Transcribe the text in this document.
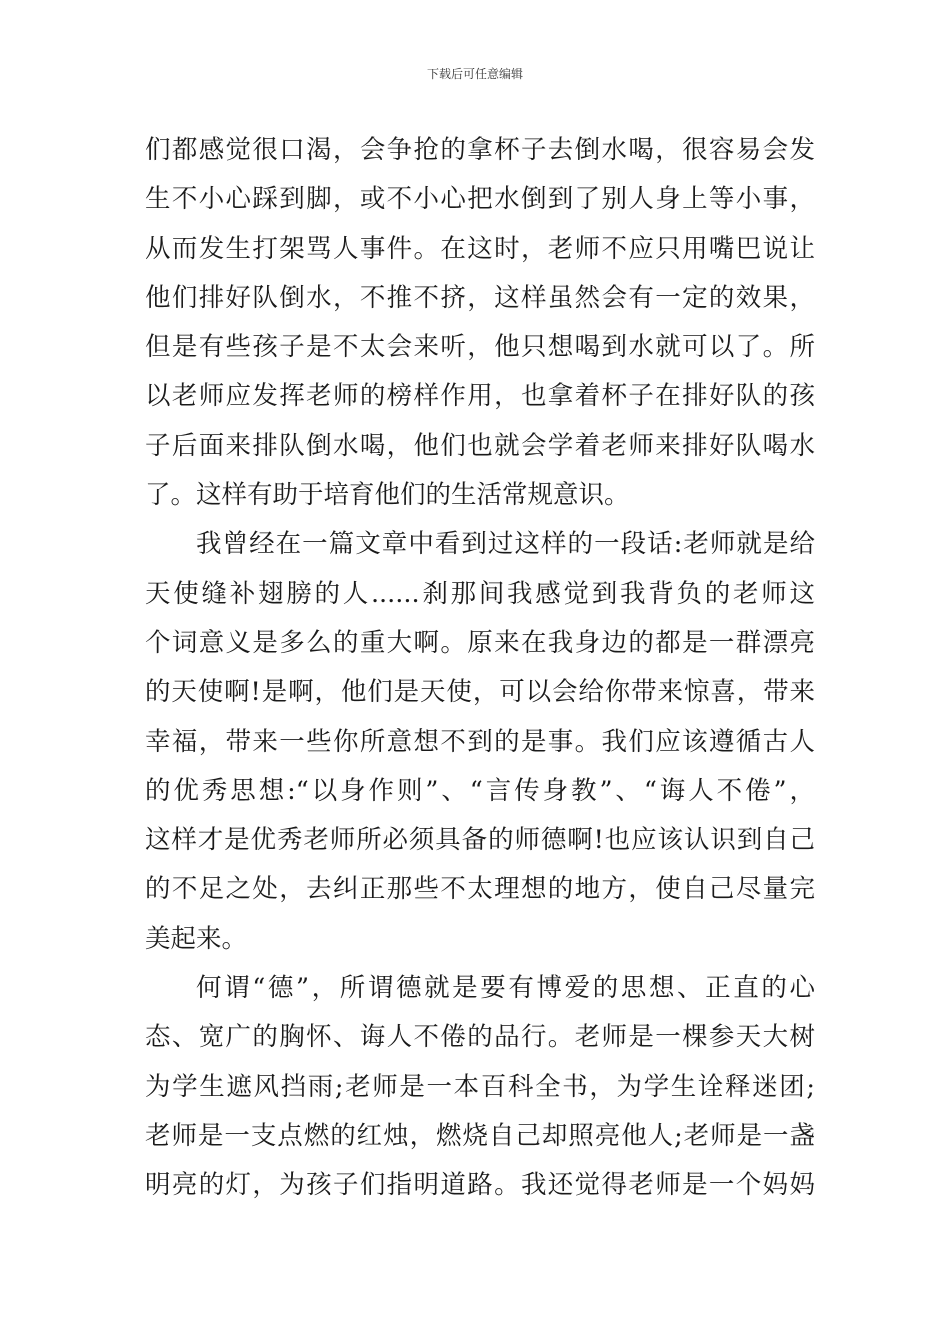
下载后可任意编辑
们都感觉很口渴，会争抢的拿杯子去倒水喝，很容易会发
生不小心踩到脚，或不小心把水倒到了别人身上等小事，
从而发生打架骂人事件。在这时，老师不应只用嘴巴说让
他们排好队倒水，不推不挤，这样虽然会有一定的效果，
但是有些孩子是不太会来听，他只想喝到水就可以了。所
以老师应发挥老师的榜样作用，也拿着杯子在排好队的孩
子后面来排队倒水喝，他们也就会学着老师来排好队喝水
了。这样有助于培育他们的生活常规意识。
我曾经在一篇文章中看到过这样的一段话:老师就是给
天使缝补翅膀的人......刹那间我感觉到我背负的老师这
个词意义是多么的重大啊。原来在我身边的都是一群漂亮
的天使啊!是啊，他们是天使，可以会给你带来惊喜，带来
幸福，带来一些你所意想不到的是事。我们应该遵循古人
的优秀思想:“以身作则”、“言传身教”、“诲人不倦”，
这样才是优秀老师所必须具备的师德啊!也应该认识到自己
的不足之处，去纠正那些不太理想的地方，使自己尽量完
美起来。
何谓“德”，所谓德就是要有博爱的思想、正直的心
态、宽广的胸怀、诲人不倦的品行。老师是一棵参天大树
为学生遮风挡雨;老师是一本百科全书，为学生诠释迷团;
老师是一支点燃的红烛，燃烧自己却照亮他人;老师是一盏
明亮的灯，为孩子们指明道路。我还觉得老师是一个妈妈
